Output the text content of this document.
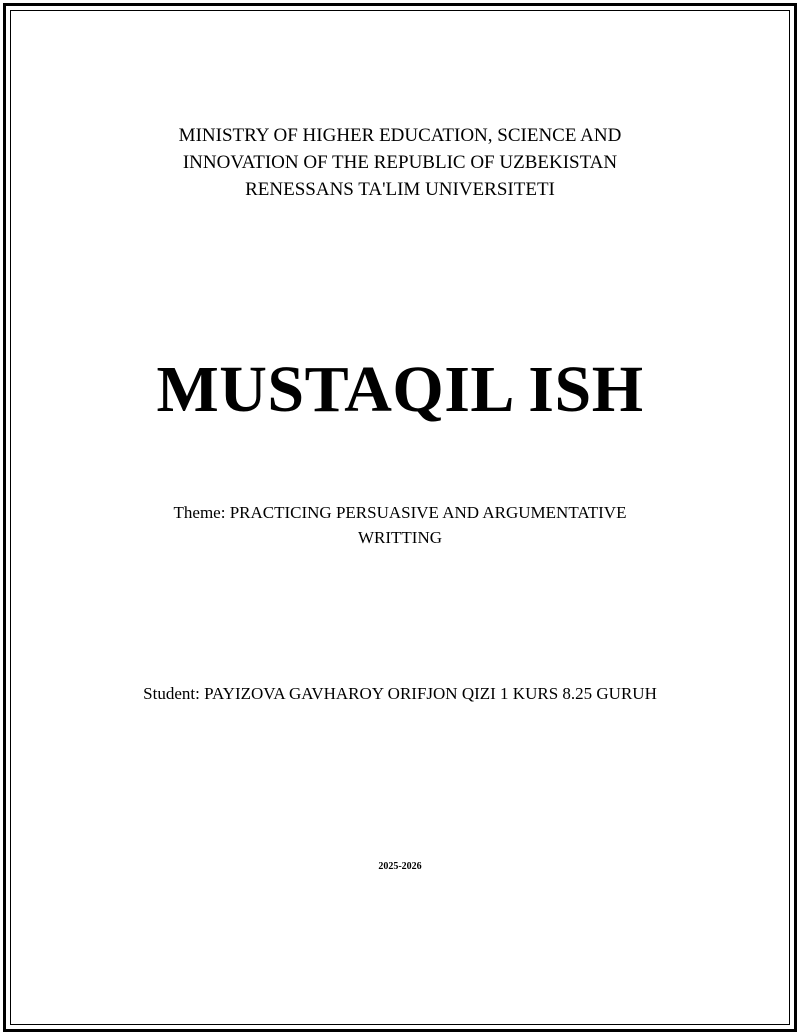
MINISTRY OF HIGHER EDUCATION, SCIENCE AND
INNOVATION OF THE REPUBLIC OF UZBEKISTAN
RENESSANS TA'LIM UNIVERSITETI
MUSTAQIL ISH
Theme: PRACTICING PERSUASIVE AND ARGUMENTATIVE
WRITTING
Student: PAYIZOVA GAVHAROY ORIFJON QIZI 1 KURS 8.25 GURUH
2025-2026
